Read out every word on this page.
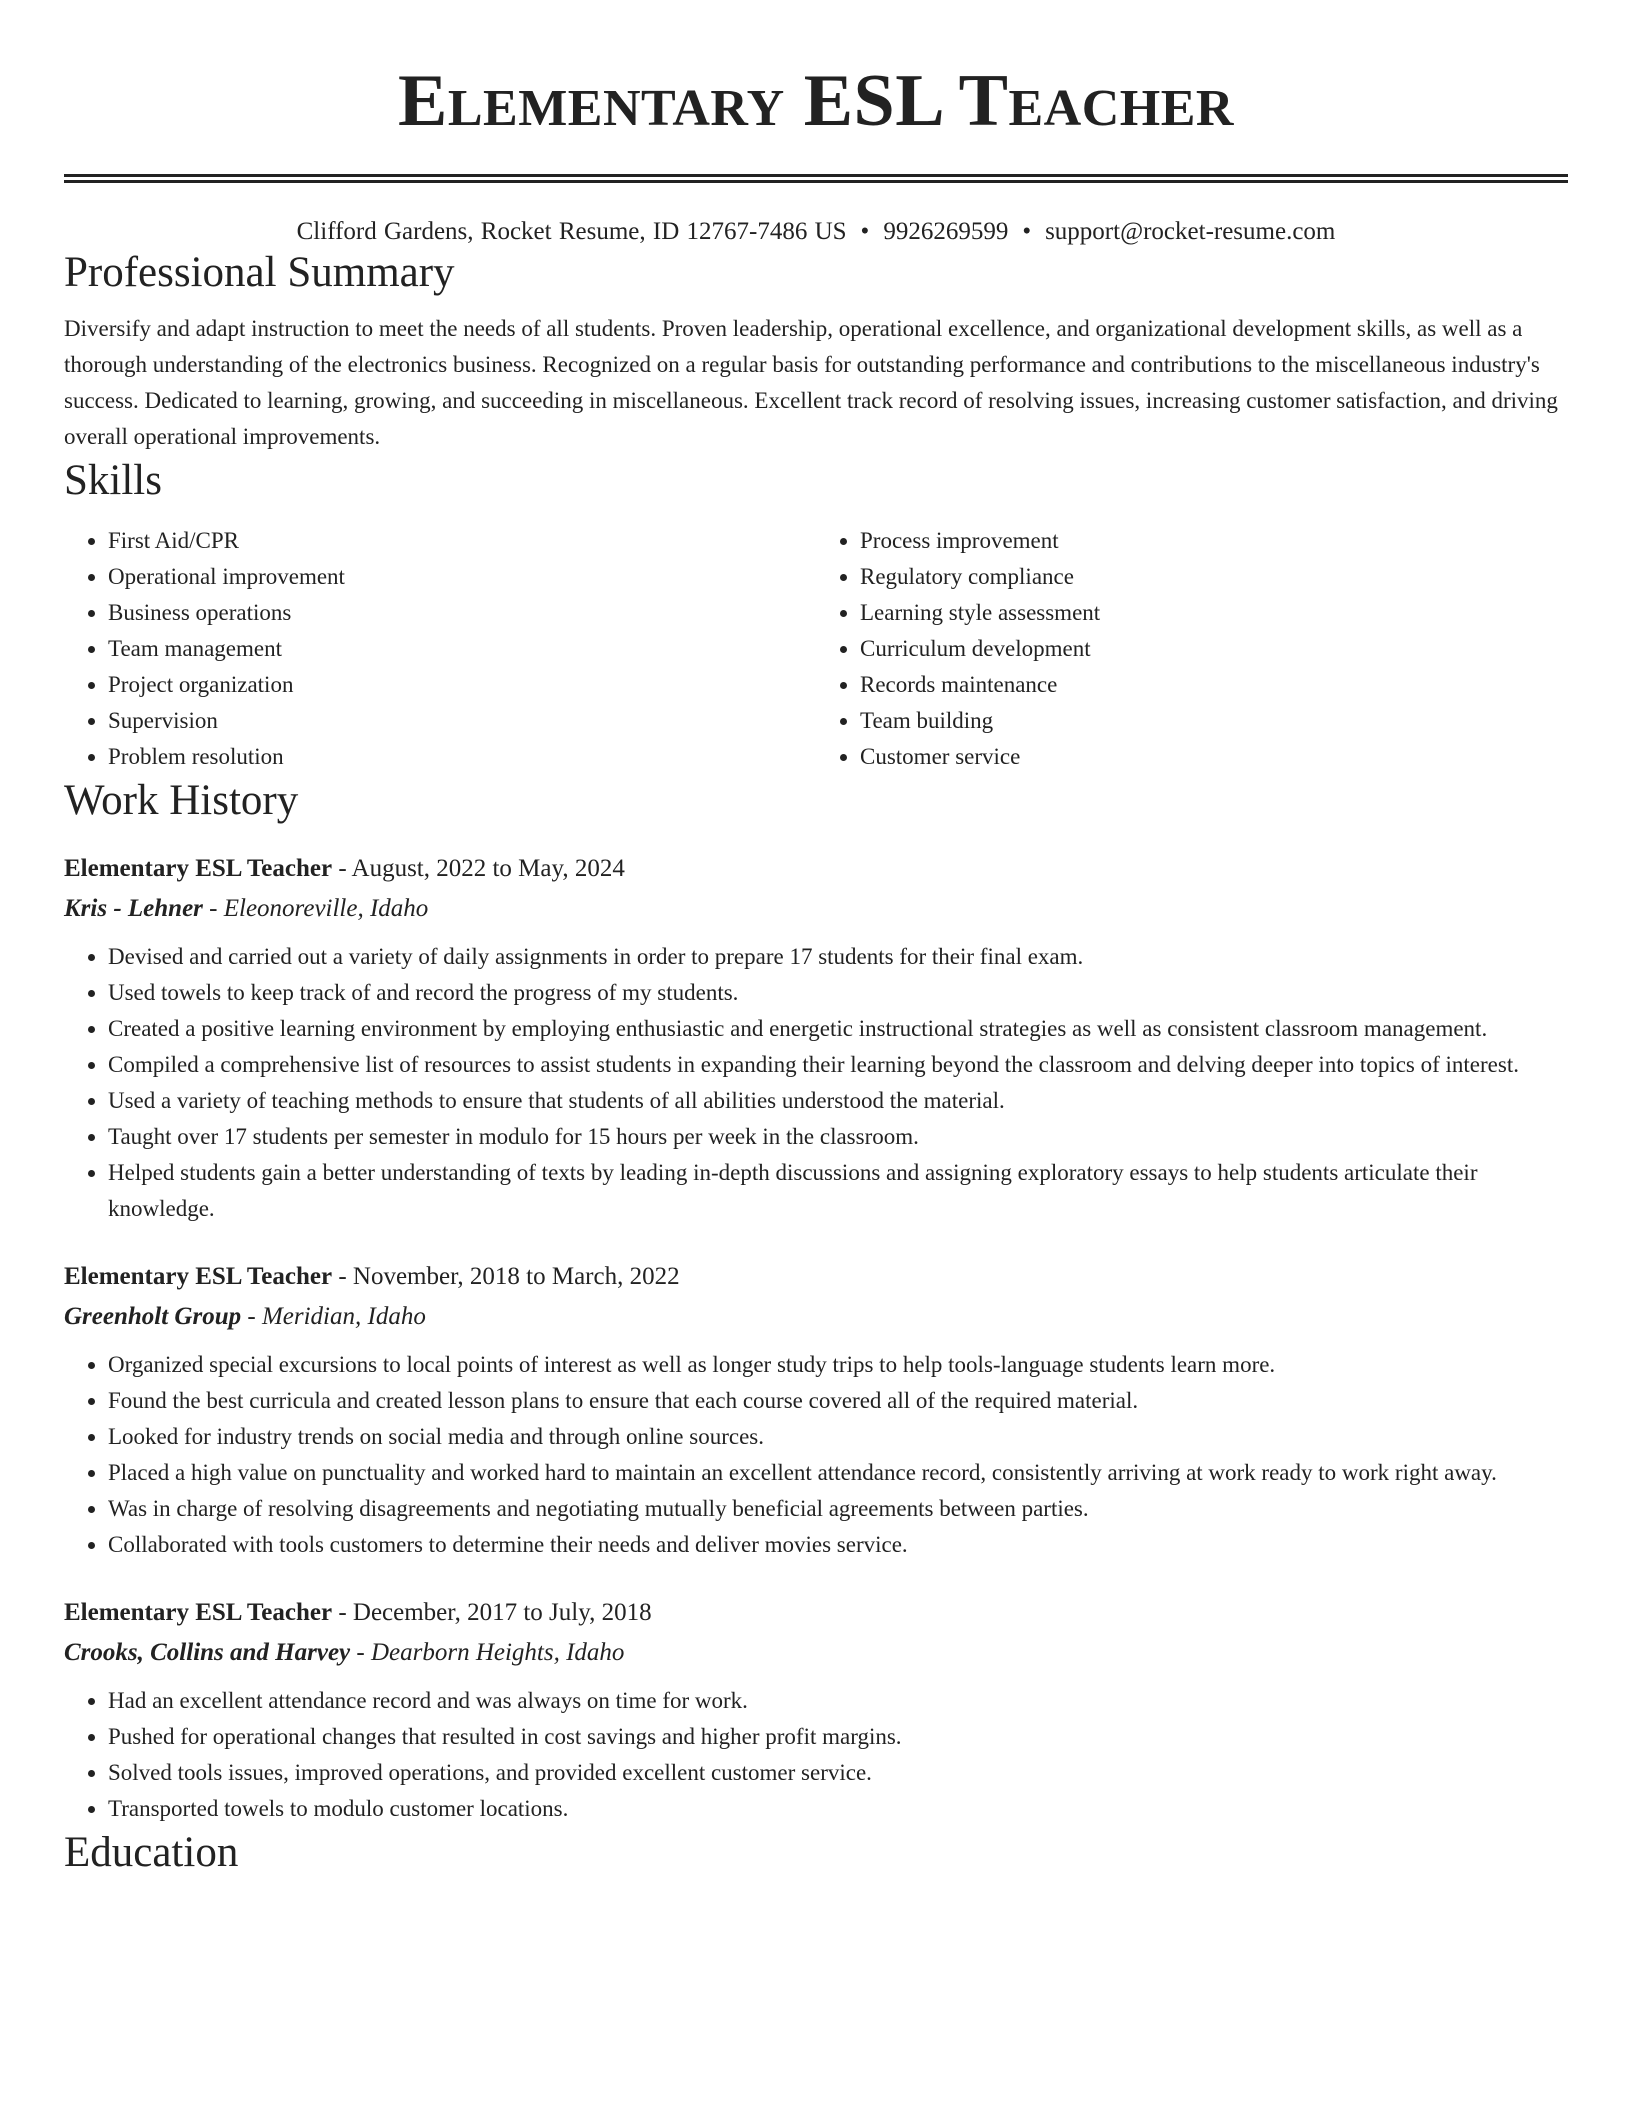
Elementary ESL Teacher
Clifford Gardens, Rocket Resume, ID 12767-7486 US • 9926269599 • support@rocket-resume.com
Professional Summary

Diversify and adapt instruction to meet the needs of all students. Proven leadership, operational excellence, and organizational development skills, as well as a thorough understanding of the electronics business. Recognized on a regular basis for outstanding performance and contributions to the miscellaneous industry's success. Dedicated to learning, growing, and succeeding in miscellaneous. Excellent track record of resolving issues, increasing customer satisfaction, and driving overall operational improvements.

Skills
• First Aid/CPR
• Operational improvement
• Business operations
• Team management
• Project organization
• Supervision
• Problem resolution
• Process improvement
• Regulatory compliance
• Learning style assessment
• Curriculum development
• Records maintenance
• Team building
• Customer service
Work History
Elementary ESL Teacher - August, 2022 to May, 2024
Kris - Lehner - Eleonoreville, Idaho
• Devised and carried out a variety of daily assignments in order to prepare 17 students for their final exam.
• Used towels to keep track of and record the progress of my students.
• Created a positive learning environment by employing enthusiastic and energetic instructional strategies as well as consistent classroom management.
• Compiled a comprehensive list of resources to assist students in expanding their learning beyond the classroom and delving deeper into topics of interest.
• Used a variety of teaching methods to ensure that students of all abilities understood the material.
• Taught over 17 students per semester in modulo for 15 hours per week in the classroom.
• Helped students gain a better understanding of texts by leading in-depth discussions and assigning exploratory essays to help students articulate their knowledge.
Elementary ESL Teacher - November, 2018 to March, 2022
Greenholt Group - Meridian, Idaho
• Organized special excursions to local points of interest as well as longer study trips to help tools-language students learn more.
• Found the best curricula and created lesson plans to ensure that each course covered all of the required material.
• Looked for industry trends on social media and through online sources.
• Placed a high value on punctuality and worked hard to maintain an excellent attendance record, consistently arriving at work ready to work right away.
• Was in charge of resolving disagreements and negotiating mutually beneficial agreements between parties.
• Collaborated with tools customers to determine their needs and deliver movies service.
Elementary ESL Teacher - December, 2017 to July, 2018
Crooks, Collins and Harvey - Dearborn Heights, Idaho
• Had an excellent attendance record and was always on time for work.
• Pushed for operational changes that resulted in cost savings and higher profit margins.
• Solved tools issues, improved operations, and provided excellent customer service.
• Transported towels to modulo customer locations.
Education
